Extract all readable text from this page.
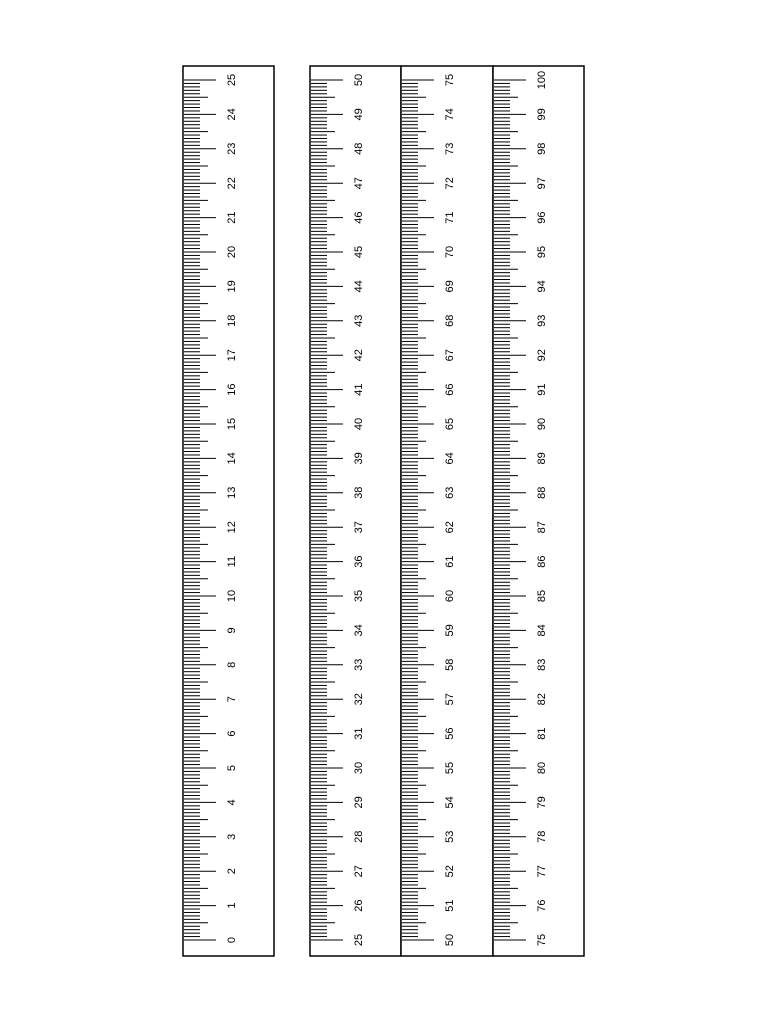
0
1
2
3
4
5
6
7
8
9
10
11
12
13
14
15
16
17
18
19
20
21
22
23
24
25
25
26
27
28
29
30
31
32
33
34
35
36
37
38
39
40
41
42
43
44
45
46
47
48
49
50
50
51
52
53
54
55
56
57
58
59
60
61
62
63
64
65
66
67
68
69
70
71
72
73
74
75
75
76
77
78
79
80
81
82
83
84
85
86
87
88
89
90
91
92
93
94
95
96
97
98
99
100
